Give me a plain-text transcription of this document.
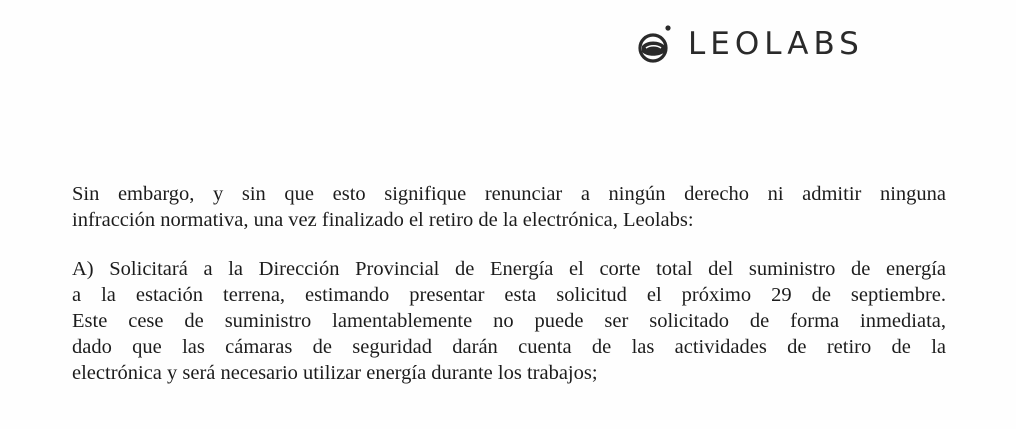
LEOLABS

Sin embargo, y sin que esto signifique renunciar a ningún derecho ni admitir ninguna
infracción normativa, una vez finalizado el retiro de la electrónica, Leolabs:

A) Solicitará a la Dirección Provincial de Energía el corte total del suministro de energía
a la estación terrena, estimando presentar esta solicitud el próximo 29 de septiembre.
Este cese de suministro lamentablemente no puede ser solicitado de forma inmediata,
dado que las cámaras de seguridad darán cuenta de las actividades de retiro de la
electrónica y será necesario utilizar energía durante los trabajos;
